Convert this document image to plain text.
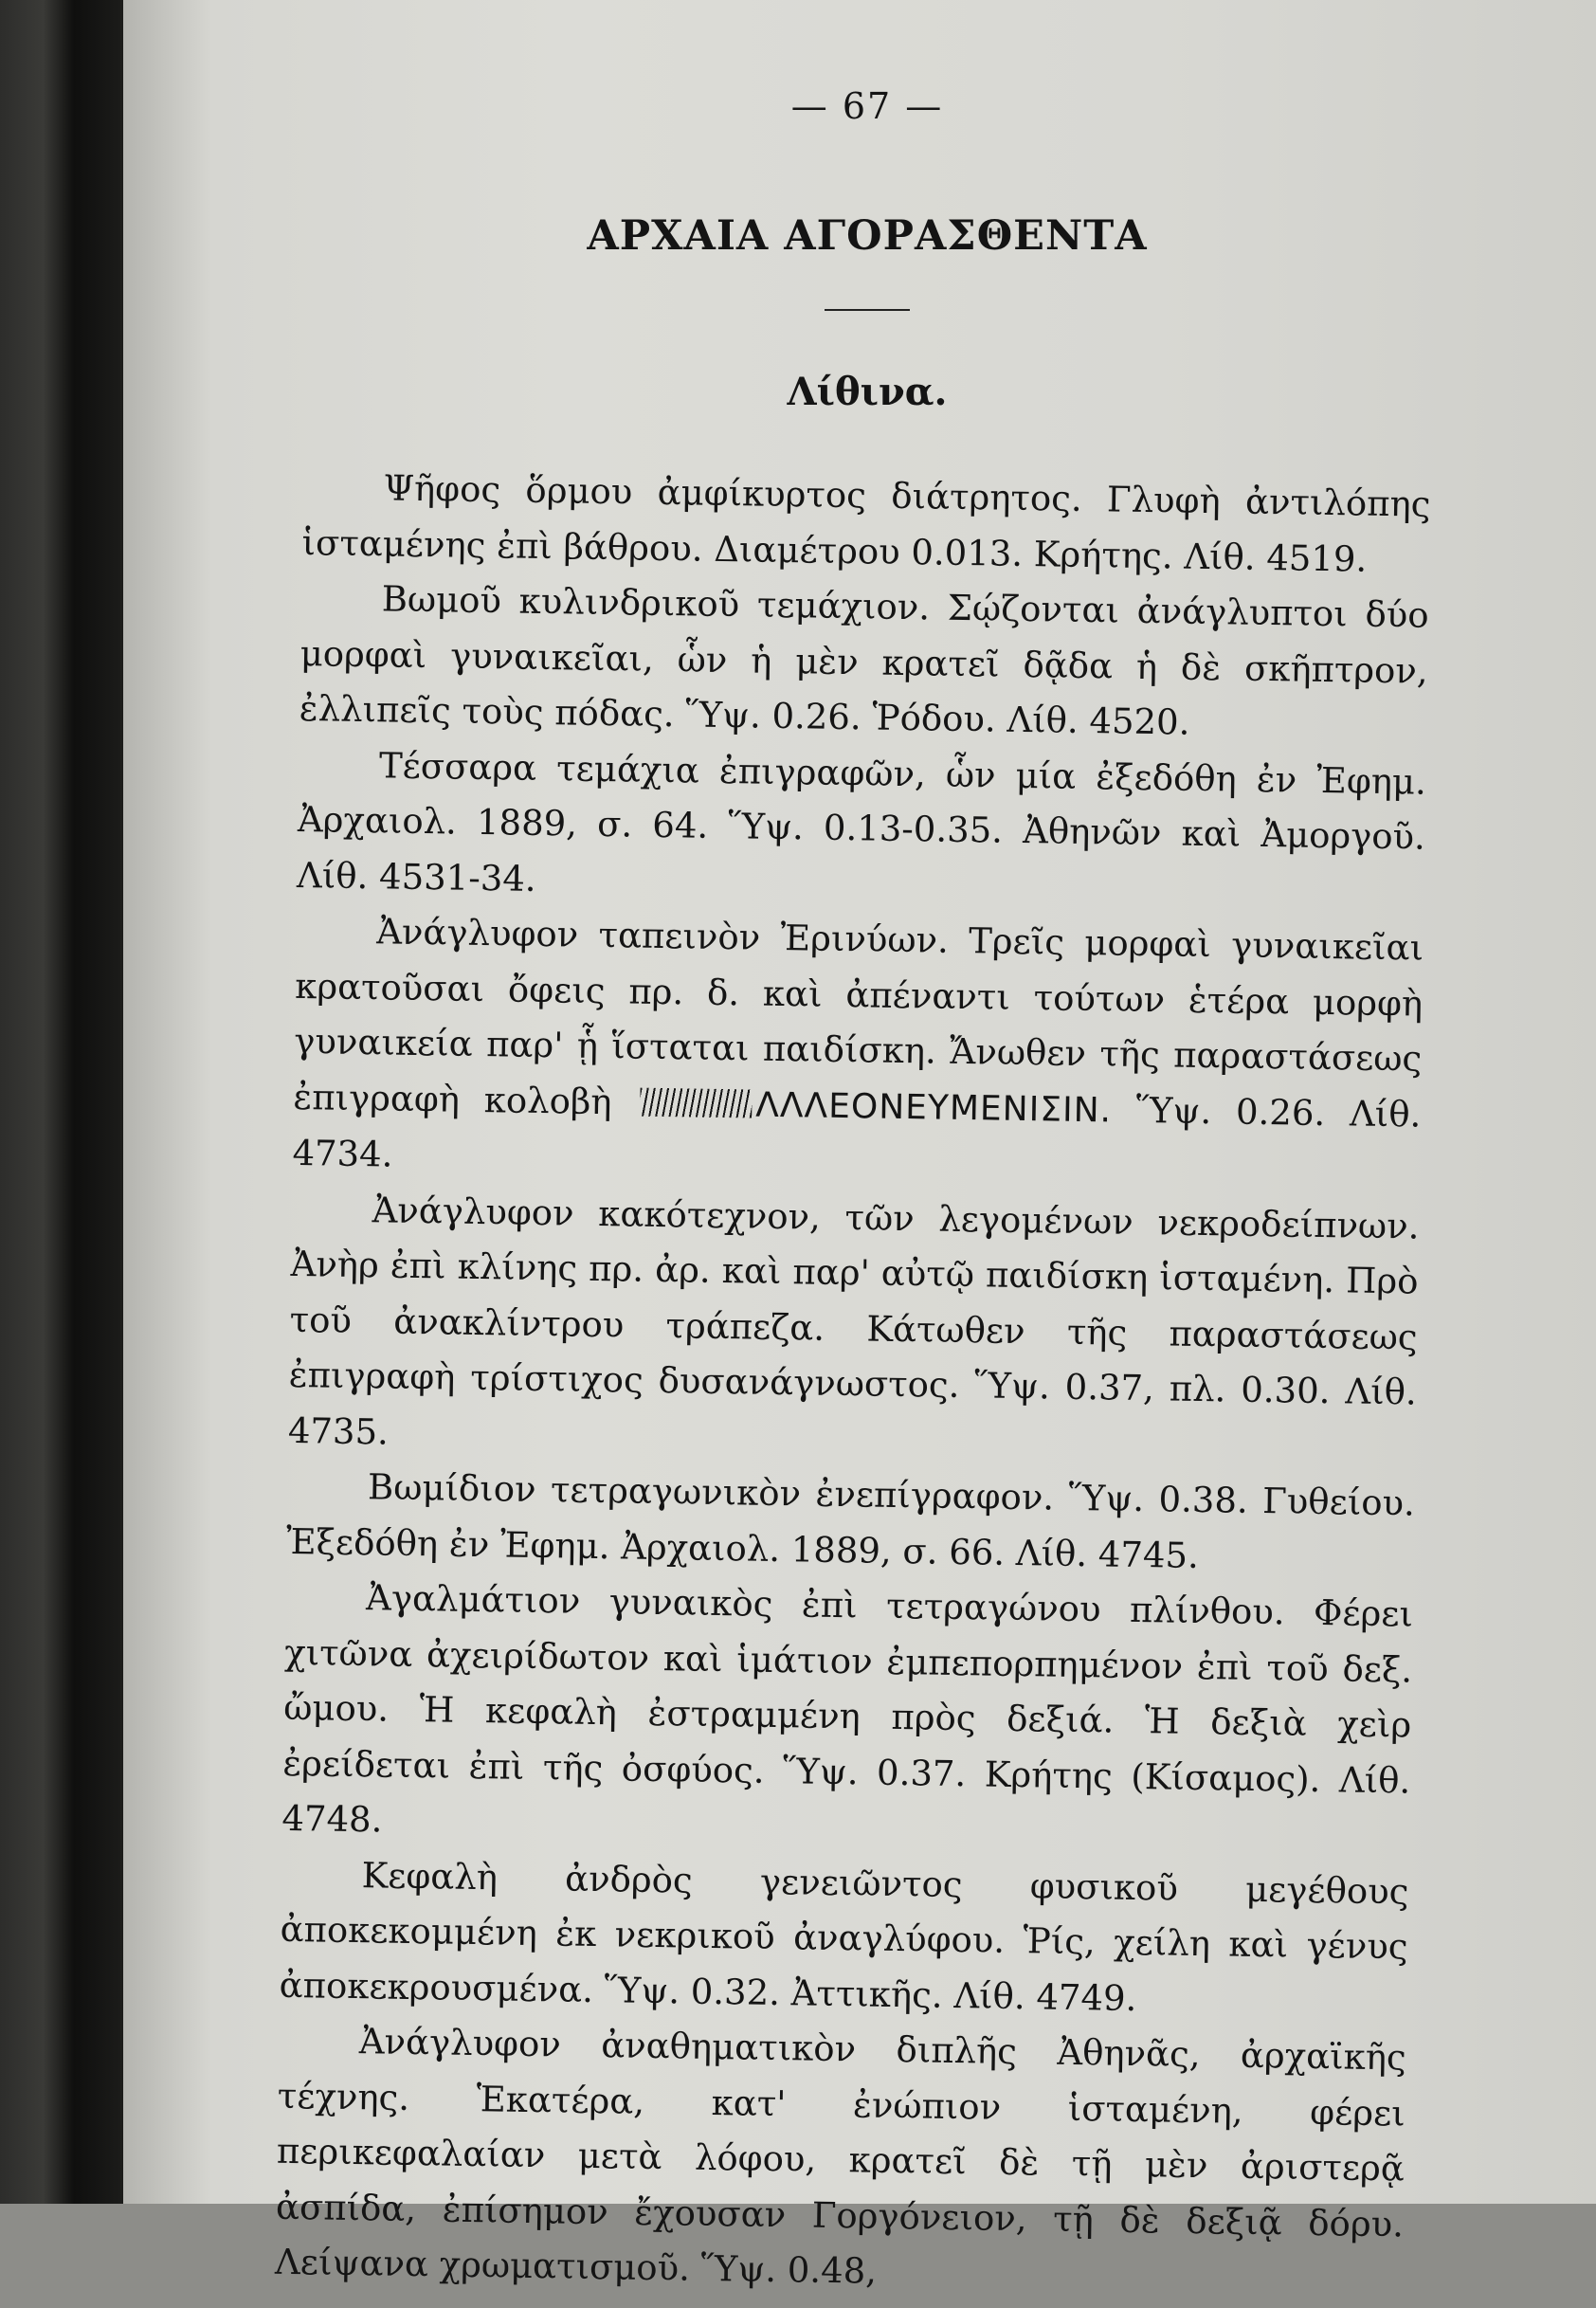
— 67 —

ΑΡΧΑΙΑ ΑΓΟΡΑΣΘΕΝΤΑ
Λίθινα.

Ψῆφος ὅρμου ἀμφίκυρτος διάτρητος. Γλυφὴ ἀντιλόπης ἱσταμένης ἐπὶ βάθρου. Διαμέτρου 0.013. Κρήτης. Λίθ. 4519.

Βωμοῦ κυλινδρικοῦ τεμάχιον. Σῴζονται ἀνάγλυπτοι δύο μορφαὶ γυναικεῖαι, ὧν ἡ μὲν κρατεῖ δᾷδα ἡ δὲ σκῆπτρον, ἐλλιπεῖς τοὺς πόδας. Ὕψ. 0.26. Ῥόδου. Λίθ. 4520.

Τέσσαρα τεμάχια ἐπιγραφῶν, ὧν μία ἐξεδόθη ἐν Ἐφημ. Ἀρχαιολ. 1889, σ. 64. Ὕψ. 0.13-0.35. Ἀθηνῶν καὶ Ἀμοργοῦ. Λίθ. 4531-34.

Ἀνάγλυφον ταπεινὸν Ἐρινύων. Τρεῖς μορφαὶ γυναικεῖαι κρατοῦσαι ὄφεις πρ. δ. καὶ ἀπέναντι τούτων ἑτέρα μορφὴ γυναικεία παρ' ᾗ ἵσταται παιδίσκη. Ἄνωθεν τῆς παραστάσεως ἐπιγραφὴ κολοβὴ	ΛΛΛΕΟΝΕΥΜΕΝΙΣΙΝ. Ὕψ. 0.26. Λίθ. 4734.

Ἀνάγλυφον κακότεχνον, τῶν λεγομένων νεκροδείπνων. Ἀνὴρ ἐπὶ κλίνης πρ. ἀρ. καὶ παρ' αὐτῷ παιδίσκη ἱσταμένη. Πρὸ τοῦ ἀνακλίντρου τράπεζα. Κάτωθεν τῆς παραστάσεως ἐπιγραφὴ τρίστιχος δυσανάγνωστος. Ὕψ. 0.37, πλ. 0.30. Λίθ. 4735.

Βωμίδιον τετραγωνικὸν ἐνεπίγραφον. Ὕψ. 0.38. Γυθείου. Ἐξεδόθη ἐν Ἐφημ. Ἀρχαιολ. 1889, σ. 66. Λίθ. 4745.

Ἀγαλμάτιον γυναικὸς ἐπὶ τετραγώνου πλίνθου. Φέρει χιτῶνα ἀχειρίδωτον καὶ ἱμάτιον ἐμπεπορπημένον ἐπὶ τοῦ δεξ. ὤμου. Ἡ κεφαλὴ ἐστραμμένη πρὸς δεξιά. Ἡ δεξιὰ χεὶρ ἐρείδεται ἐπὶ τῆς ὀσφύος. Ὕψ. 0.37. Κρήτης (Κίσαμος). Λίθ. 4748.

Κεφαλὴ ἀνδρὸς γενειῶντος φυσικοῦ μεγέθους ἀποκεκομμένη ἐκ νεκρικοῦ ἀναγλύφου. Ῥίς, χείλη καὶ γένυς ἀποκεκρουσμένα. Ὕψ. 0.32. Ἀττικῆς. Λίθ. 4749.

Ἀνάγλυφον ἀναθηματικὸν διπλῆς Ἀθηνᾶς, ἀρχαϊκῆς τέχνης. Ἑκατέρα, κατ' ἐνώπιον ἱσταμένη, φέρει περικεφαλαίαν μετὰ λόφου, κρατεῖ δὲ τῇ μὲν ἀριστερᾷ ἀσπίδα, ἐπίσημον ἔχουσαν Γοργόνειον, τῇ δὲ δεξιᾷ δόρυ. Λείψανα χρωματισμοῦ. Ὕψ. 0.48,
